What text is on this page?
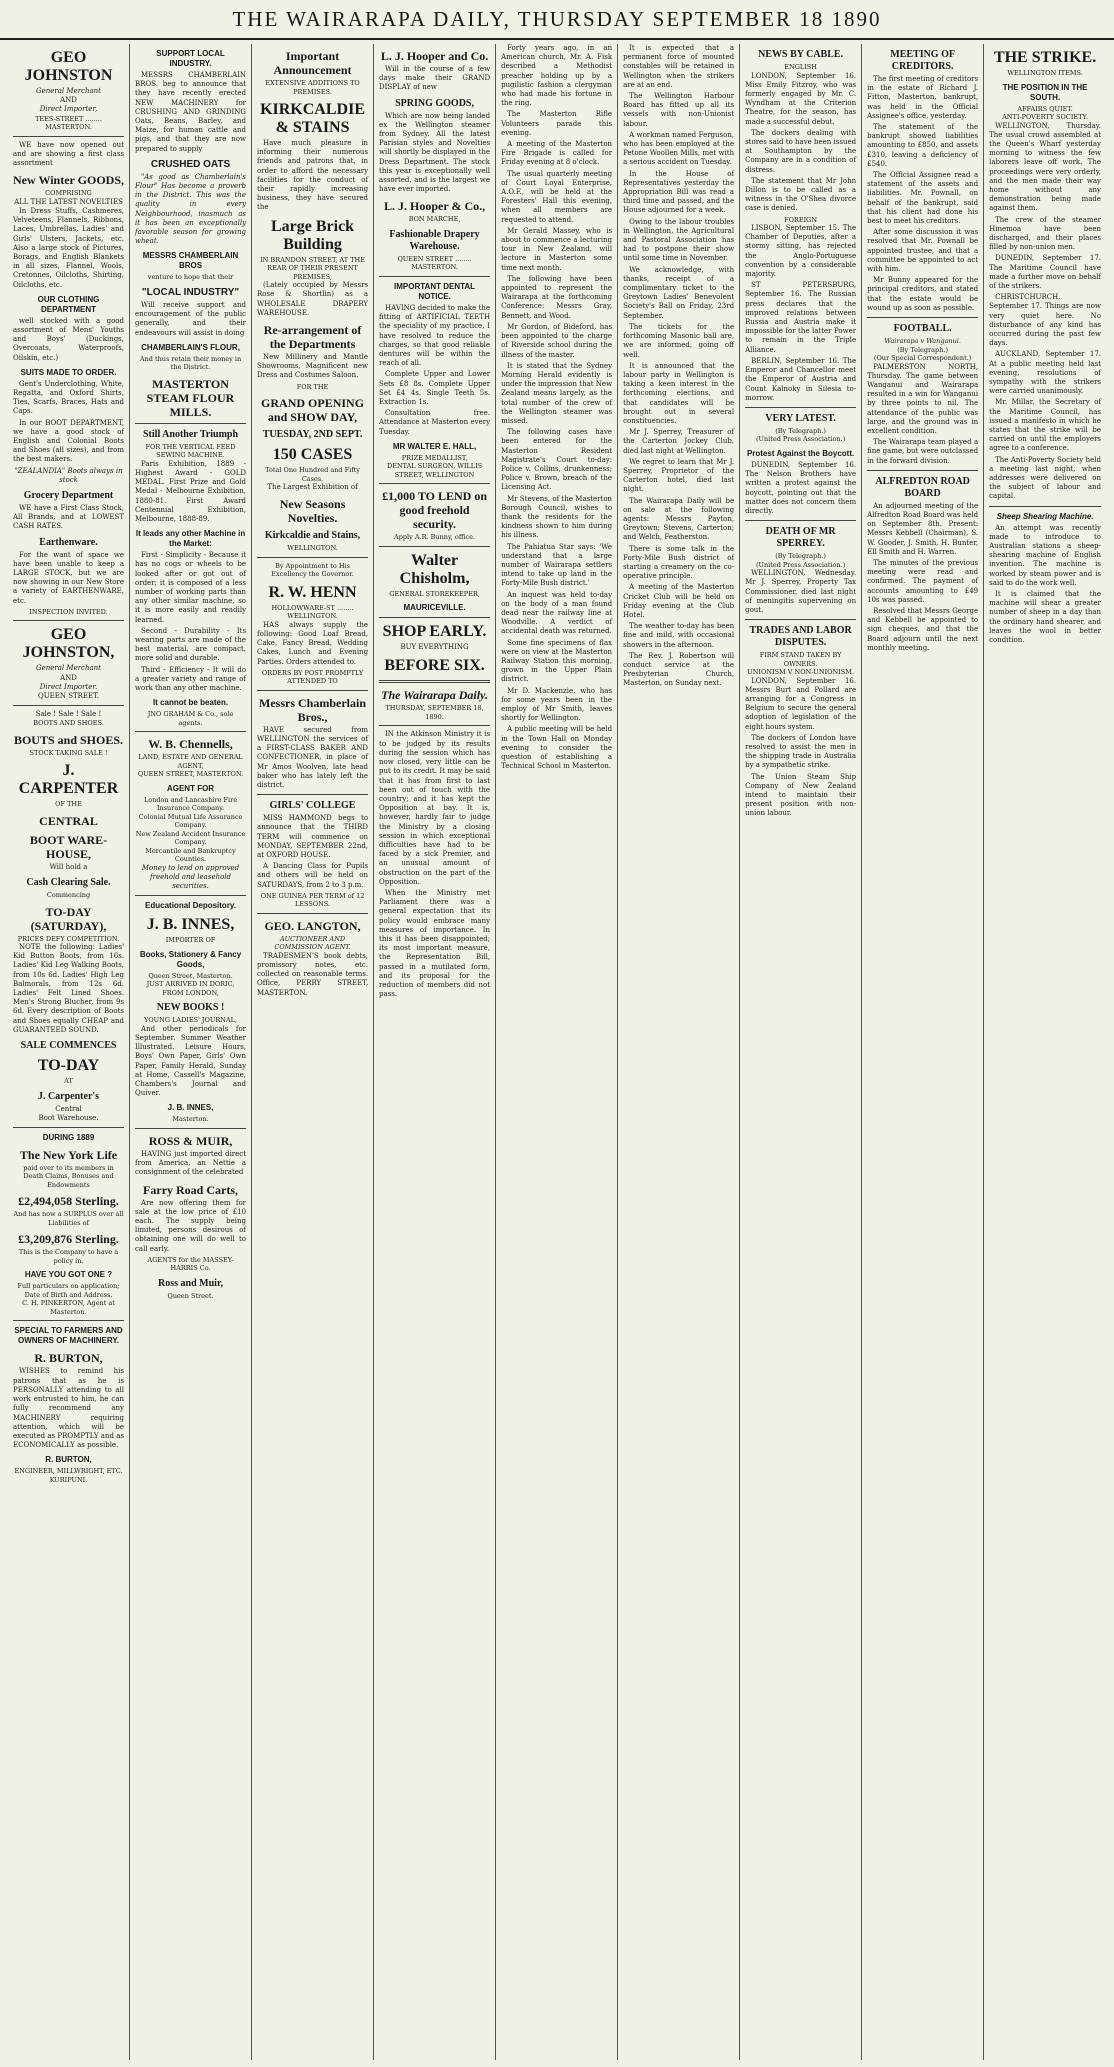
THE WAIRARAPA DAILY, THURSDAY SEPTEMBER 18 1890
GEO JOHNSTON
General Merchant
AND
Direct Importer,
TEES-STREET ........ MASTERTON.

WE have now opened out and are showing a first class assortment

New Winter GOODS,
COMPRISING
ALL THE LATEST NOVELTIES

In Dress Stuffs, Cashmeres, Velveteens, Flannels, Ribbons, Laces, Umbrellas, Ladies' and Girls' Ulsters, Jackets, etc. Also a large stock of Pictures, Borags, and English Blankets in all sizes, Flannel, Wools, Cretonnes, Oilcloths, Shirting, Oilcloths, etc.

OUR CLOTHING DEPARTMENT

well stocked with a good assortment of Mens' Youths and Boys' (Duckings, Overcoats, Waterproofs, Oilskin, etc.)

SUITS MADE TO ORDER.

Gent's Underclothing, White, Regatta, and Oxford Shirts, Ties, Scarfs, Braces, Hats and Caps.

In our BOOT DEPARTMENT, we have a good stock of English and Colonial Boots and Shoes (all sizes), and from the best makers.

"ZEALANDIA" Boots always in stock
Grocery Department

WE have a First Class Stock, All Brands, and at LOWEST CASH RATES.

Earthenware.

For the want of space we have been unable to keep a LARGE STOCK, but we are now showing in our New Store a variety of EARTHENWARE, etc.

INSPECTION INVITED.
GEO JOHNSTON,
General Merchant
AND
Direct Importer.
QUEEN STREET.
Sale ! Sale ! Sale !
BOOTS AND SHOES.
BOUTS and SHOES.
STOCK TAKING SALE !
J. CARPENTER
OF THE
CENTRAL
BOOT WARE-HOUSE,
Will hold a
Cash Clearing Sale.
Commencing
TO-DAY (SATURDAY),
PRICES DEFY COMPETITION.

NOTE the following: Ladies' Kid Button Boots, from 16s. Ladies' Kid Leg Walking Boots, from 10s 6d. Ladies' High Leg Balmorals, from 12s 6d. Ladies' Felt Lined Shoes. Men's Strong Blucher, from 9s 6d. Every description of Boots and Shoes equally CHEAP and GUARANTEED SOUND.

SALE COMMENCES
TO-DAY
AT
J. Carpenter's
Central
Boot Warehouse.
DURING 1889
The New York Life
paid over to its members in Death Claims, Bonuses and Endowments
£2,494,058 Sterling.
And has now a SURPLUS over all Liabilities of
£3,209,876 Sterling.
This is the Company to have a policy in.
HAVE YOU GOT ONE ?
Full particulars on application; Date of Birth and Address.
C. H. PINKERTON, Agent at Masterton.
SPECIAL TO FARMERS AND OWNERS OF MACHINERY.
R. BURTON,

WISHES to remind his patrons that as he is PERSONALLY attending to all work entrusted to him, he can fully recommend any MACHINERY requiring attention, which will be executed as PROMPTLY and as ECONOMICALLY as possible.

R. BURTON,
ENGINEER, MILLWRIGHT, ETC.
KURIPUNI.
SUPPORT LOCAL INDUSTRY.

MESSRS CHAMBERLAIN BROS. beg to announce that they have recently erected NEW MACHINERY for CRUSHING AND GRINDING Oats, Beans, Barley, and Maize, for human cattle and pigs, and that they are now prepared to supply

CRUSHED OATS

"As good as Chamberlain's Flour" Has become a proverb in the District. This was the quality in every Neighbourhood, inasmuch as it has been an exceptionally favorable season for growing wheat.

MESSRS CHAMBERLAIN BROS
venture to hope that their
"LOCAL INDUSTRY"

Will receive support and encouragement of the public generally, and their endeavours will assist in doing

CHAMBERLAIN'S FLOUR,
And thus retain their money in the District.
MASTERTON STEAM FLOUR MILLS.
Still Another Triumph
FOR THE VERTICAL FEED SEWING MACHINE.

Paris Exhibition, 1889 - Highest Award - GOLD MEDAL. First Prize and Gold Medal - Melbourne Exhibition, 1880-81. First Award Centennial Exhibition, Melbourne, 1888-89.

It leads any other Machine in the Market:

First - Simplicity - Because it has no cogs or wheels to be looked after or got out of order; it is composed of a less number of working parts than any other similar machine, so it is more easily and readily learned.

Second - Durability - Its wearing parts are made of the best material, are compact, more solid and durable.

Third - Efficiency - It will do a greater variety and range of work than any other machine.

It cannot be beaten.
JNO GRAHAM & Co., sole agents.
W. B. Chennells,
LAND, ESTATE AND GENERAL AGENT,
QUEEN STREET, MASTERTON.
AGENT FOR
London and Lancashire Fire Insurance Company.
Colonial Mutual Life Assurance Company.
New Zealand Accident Insurance Company.
Mercantile and Bankruptcy Counties.
Money to lend on approved freehold and leasehold securities.
Educational Depository.
J. B. INNES,
IMPORTER OF
Books, Stationery & Fancy Goods,
Queen Street, Masterton.
JUST ARRIVED IN DORIC, FROM LONDON,
NEW BOOKS !
YOUNG LADIES' JOURNAL,

And other periodicals for September. Summer Weather Illustrated. Leisure Hours, Boys' Own Paper, Girls' Own Paper, Family Herald, Sunday at Home, Cassell's Magazine, Chambers's Journal and Quiver.

J. B. INNES,
Masterton.
ROSS & MUIR,

HAVING just imported direct from America, an Nettie a consignment of the celebrated

Farry Road Carts,

Are now offering them for sale at the low price of £10 each. The supply being limited, persons desirous of obtaining one will do well to call early.

AGENTS for the MASSEY-HARRIS Co.
Ross and Muir,
Queen Street.
Important Announcement
EXTENSIVE ADDITIONS TO PREMISES.
KIRKCALDIE & STAINS

Have much pleasure in informing their numerous friends and patrons that, in order to afford the necessary facilities for the conduct of their rapidly increasing business, they have secured the

Large Brick Building
IN BRANDON STREET, AT THE REAR OF THEIR PRESENT PREMISES,

(Lately occupied by Messrs Rose & Shortlin) as a WHOLESALE DRAPERY WAREHOUSE.

Re-arrangement of the Departments

New Millinery and Mantle Showrooms, Magnificent new Dress and Costumes Saloon.

FOR THE
GRAND OPENING and SHOW DAY,
TUESDAY, 2ND SEPT.
150 CASES
Total One Hundred and Fifty Cases.
The Largest Exhibition of
New Seasons Novelties.
Kirkcaldie and Stains,
WELLINGTON.
By Appointment to His Excellency the Governor.
R. W. HENN
HOLLOWWARE-ST ........ WELLINGTON.

HAS always supply the following: Good Loaf Bread, Cake, Fancy Bread, Wedding Cakes, Lunch and Evening Parties. Orders attended to.

ORDERS BY POST PROMPTLY ATTENDED TO
Messrs Chamberlain Bros.,

HAVE secured from WELLINGTON the services of a FIRST-CLASS BAKER AND CONFECTIONER, in place of Mr Amos Woolven, late head baker who has lately left the district.

GIRLS' COLLEGE

MISS HAMMOND begs to announce that the THIRD TERM will commence on MONDAY, SEPTEMBER 22nd, at OXFORD HOUSE.

A Dancing Class for Pupils and others will be held on SATURDAYS, from 2 to 3 p.m.

ONE GUINEA PER TERM of 12 LESSONS.
GEO. LANGTON,
AUCTIONEER AND COMMISSION AGENT.

TRADESMEN'S book debts, promissory notes, etc. collected on reasonable terms. Office, PERRY STREET, MASTERTON.

L. J. Hooper and Co.

Will in the course of a few days make their GRAND DISPLAY of new

SPRING GOODS,

Which are now being landed ex the Wellington steamer from Sydney. All the latest Parisian styles and Novelties will shortly be displayed in the Dress Department. The stock this year is exceptionally well assorted, and is the largest we have ever imported.

L. J. Hooper & Co.,
BON MARCHE,
Fashionable Drapery Warehouse.
QUEEN STREET ........ MASTERTON.
IMPORTANT DENTAL NOTICE.

HAVING decided to make the fitting of ARTIFICIAL TEETH the speciality of my practice, I have resolved to reduce the charges, so that good reliable dentures will be within the reach of all.

Complete Upper and Lower Sets £8 8s. Complete Upper Set £4 4s. Single Teeth 5s. Extraction 1s.

Consultation free. Attendance at Masterton every Tuesday.

MR WALTER E. HALL,
PRIZE MEDALLIST,
DENTAL SURGEON, WILLIS STREET, WELLINGTON
£1,000 TO LEND on good freehold security.
Apply A.R. Bunny, office.
Walter Chisholm,
GENERAL STOREKEEPER,
MAURICEVILLE.
SHOP EARLY.
BUY EVERYTHING
BEFORE SIX.
The Wairarapa Daily.
THURSDAY, SEPTEMBER 18, 1890.

IN the Atkinson Ministry it is to be judged by its results during the session which has now closed, very little can be put to its credit. It may be said that it has from first to last been out of touch with the country; and it has kept the Opposition at bay. It is, however, hardly fair to judge the Ministry by a closing session in which exceptional difficulties have had to be faced by a sick Premier, and an unusual amount of obstruction on the part of the Opposition.

When the Ministry met Parliament there was a general expectation that its policy would embrace many measures of importance. In this it has been disappointed; its most important measure, the Representation Bill, passed in a mutilated form, and its proposal for the reduction of members did not pass.

Forty years ago, in an American church, Mr. A. Fisk described a Methodist preacher holding up by a pugilistic fashion a clergyman who had made his fortune in the ring.

The Masterton Rifle Volunteers parade this evening.

A meeting of the Masterton Fire Brigade is called for Friday evening at 8 o'clock.

The usual quarterly meeting of Court Loyal Enterprise, A.O.F., will be held at the Foresters' Hall this evening, when all members are requested to attend.

Mr Gerald Massey, who is about to commence a lecturing tour in New Zealand, will lecture in Masterton some time next month.

The following have been appointed to represent the Wairarapa at the forthcoming Conference: Messrs Gray, Bennett, and Wood.

Mr Gordon, of Bideford, has been appointed to the charge of Riverside school during the illness of the master.

It is stated that the Sydney Morning Herald evidently is under the impression that New Zealand means largely, as the total number of the crew of the Wellington steamer was missed.

The following cases have been entered for the Masterton Resident Magistrate's Court to-day: Police v. Collins, drunkenness; Police v. Brown, breach of the Licensing Act.

Mr Stevens, of the Masterton Borough Council, wishes to thank the residents for the kindness shown to him during his illness.

The Pahiatua Star says: 'We understand that a large number of Wairarapa settlers intend to take up land in the Forty-Mile Bush district.'

An inquest was held to-day on the body of a man found dead near the railway line at Woodville. A verdict of accidental death was returned.

Some fine specimens of flax were on view at the Masterton Railway Station this morning, grown in the Upper Plain district.

Mr D. Mackenzie, who has for some years been in the employ of Mr Smith, leaves shortly for Wellington.

A public meeting will be held in the Town Hall on Monday evening to consider the question of establishing a Technical School in Masterton.

It is expected that a permanent force of mounted constables will be retained in Wellington when the strikers are at an end.

The Wellington Harbour Board has fitted up all its vessels with non-Unionist labour.

A workman named Ferguson, who has been employed at the Petone Woollen Mills, met with a serious accident on Tuesday.

In the House of Representatives yesterday the Appropriation Bill was read a third time and passed, and the House adjourned for a week.

Owing to the labour troubles in Wellington, the Agricultural and Pastoral Association has had to postpone their show until some time in November.

We acknowledge, with thanks, receipt of a complimentary ticket to the Greytown Ladies' Benevolent Society's Ball on Friday, 23rd September.

The tickets for the forthcoming Masonic ball are, we are informed, going off well.

It is announced that the labour party in Wellington is taking a keen interest in the forthcoming elections, and that candidates will be brought out in several constituencies.

Mr J. Sperrey, Treasurer of the Carterton Jockey Club, died last night at Wellington.

We regret to learn that Mr J. Sperrey, Proprietor of the Carterton hotel, died last night.

The Wairarapa Daily will be on sale at the following agents: Messrs Payton, Greytown; Stevens, Carterton; and Welch, Featherston.

There is some talk in the Forty-Mile Bush district of starting a creamery on the co-operative principle.

A meeting of the Masterton Cricket Club will be held on Friday evening at the Club Hotel.

The weather to-day has been fine and mild, with occasional showers in the afternoon.

The Rev. J. Robertson will conduct service at the Presbyterian Church, Masterton, on Sunday next.

NEWS BY CABLE.
ENGLISH

LONDON, September 16. Miss Emily Fitzroy, who was formerly engaged by Mr. C. Wyndham at the Criterion Theatre, for the season, has made a successful debut.

The dockers dealing with stores said to have been issued at Southampton by the Company are in a condition of distress.

The statement that Mr John Dillon is to be called as a witness in the O'Shea divorce case is denied.

FOREIGN

LISBON, September 15. The Chamber of Deputies, after a stormy sitting, has rejected the Anglo-Portuguese convention by a considerable majority.

ST PETERSBURG, September 16. The Russian press declares that the improved relations between Russia and Austria make it impossible for the latter Power to remain in the Triple Alliance.

BERLIN, September 16. The Emperor and Chancellor meet the Emperor of Austria and Count Kalnoky in Silesia to-morrow.

VERY LATEST.
(By Telegraph.)
(United Press Association.)
Protest Against the Boycott.

DUNEDIN, September 16. The Nelson Brothers have written a protest against the boycott, pointing out that the matter does not concern them directly.

DEATH OF MR SPERREY.
(By Telegraph.)
(United Press Association.)

WELLINGTON, Wednesday. Mr J. Sperrey, Property Tax Commissioner, died last night of meningitis supervening on gout.

TRADES AND LABOR DISPUTES.
FIRM STAND TAKEN BY OWNERS.
UNIONISM V NON-UNIONISM.

LONDON, September 16. Messrs Burt and Pollard are arranging for a Congress in Belgium to secure the general adoption of legislation of the eight hours system.

The dockers of London have resolved to assist the men in the shipping trade in Australia by a sympathetic strike.

The Union Steam Ship Company of New Zealand intend to maintain their present position with non-union labour.

MEETING OF CREDITORS.

The first meeting of creditors in the estate of Richard J. Fitton, Masterton, bankrupt, was held in the Official Assignee's office, yesterday.

The statement of the bankrupt showed liabilities amounting to £850, and assets £310, leaving a deficiency of £540.

The Official Assignee read a statement of the assets and liabilities. Mr. Pownall, on behalf of the bankrupt, said that his client had done his best to meet his creditors.

After some discussion it was resolved that Mr. Pownall be appointed trustee, and that a committee be appointed to act with him.

Mr Bunny appeared for the principal creditors, and stated that the estate would be wound up as soon as possible.

FOOTBALL.
Wairarapa v Wanganui.
(By Telegraph.)
(Our Special Correspondent.)

PALMERSTON NORTH, Thursday. The game between Wanganui and Wairarapa resulted in a win for Wanganui by three points to nil. The attendance of the public was large, and the ground was in excellent condition.

The Wairarapa team played a fine game, but were outclassed in the forward division.

ALFREDTON ROAD BOARD

An adjourned meeting of the Alfredton Road Board was held on September 8th. Present: Messrs Kebbell (Chairman), S. W. Gooder, J. Smith, H. Bunter, Ell Smith and H. Warren.

The minutes of the previous meeting were read and confirmed. The payment of accounts amounting to £49 10s was passed.

Resolved that Messrs George and Kebbell be appointed to sign cheques, and that the Board adjourn until the next monthly meeting.

THE STRIKE.
WELLINGTON ITEMS.
THE POSITION IN THE SOUTH.
AFFAIRS QUIET.
ANTI-POVERTY SOCIETY.

WELLINGTON, Thursday. The usual crowd assembled at the Queen's Wharf yesterday morning to witness the few laborers leave off work. The proceedings were very orderly, and the men made their way home without any demonstration being made against them.

The crew of the steamer Hinemoa have been discharged, and their places filled by non-union men.

DUNEDIN, September 17. The Maritime Council have made a further move on behalf of the strikers.

CHRISTCHURCH, September 17. Things are now very quiet here. No disturbance of any kind has occurred during the past few days.

AUCKLAND, September 17. At a public meeting held last evening, resolutions of sympathy with the strikers were carried unanimously.

Mr. Millar, the Secretary of the Maritime Council, has issued a manifesto in which he states that the strike will be carried on until the employers agree to a conference.

The Anti-Poverty Society held a meeting last night, when addresses were delivered on the subject of labour and capital.

Sheep Shearing Machine.

An attempt was recently made to introduce to Australian stations a sheep-shearing machine of English invention. The machine is worked by steam power and is said to do the work well.

It is claimed that the machine will shear a greater number of sheep in a day than the ordinary hand shearer, and leaves the wool in better condition.
